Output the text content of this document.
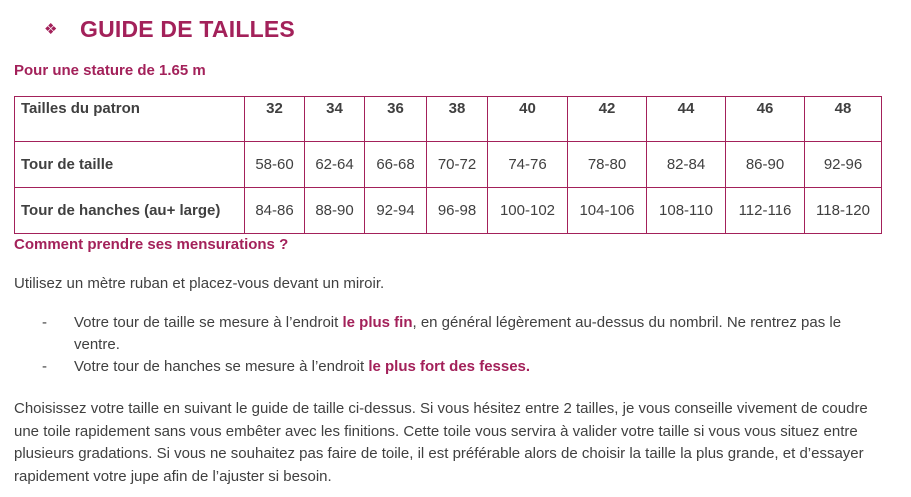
❖ GUIDE DE TAILLES
Pour une stature de 1.65 m
Tailles du patron	32	34	36	38	40	42	44	46	48
Tour de taille	58-60	62-64	66-68	70-72	74-76	78-80	82-84	86-90	92-96
Tour de hanches (au+ large)	84-86	88-90	92-94	96-98	100-102	104-106	108-110	112-116	118-120
Comment prendre ses mensurations ?
Utilisez un mètre ruban et placez-vous devant un miroir.
- Votre tour de taille se mesure à l’endroit le plus fin, en général légèrement au-dessus du nombril. Ne rentrez pas le ventre.
- Votre tour de hanches se mesure à l’endroit le plus fort des fesses.
Choisissez votre taille en suivant le guide de taille ci-dessus. Si vous hésitez entre 2 tailles, je vous conseille vivement de coudre une toile rapidement sans vous embêter avec les finitions. Cette toile vous servira à valider votre taille si vous vous situez entre plusieurs gradations. Si vous ne souhaitez pas faire de toile, il est préférable alors de choisir la taille la plus grande, et d’essayer rapidement votre jupe afin de l’ajuster si besoin.
